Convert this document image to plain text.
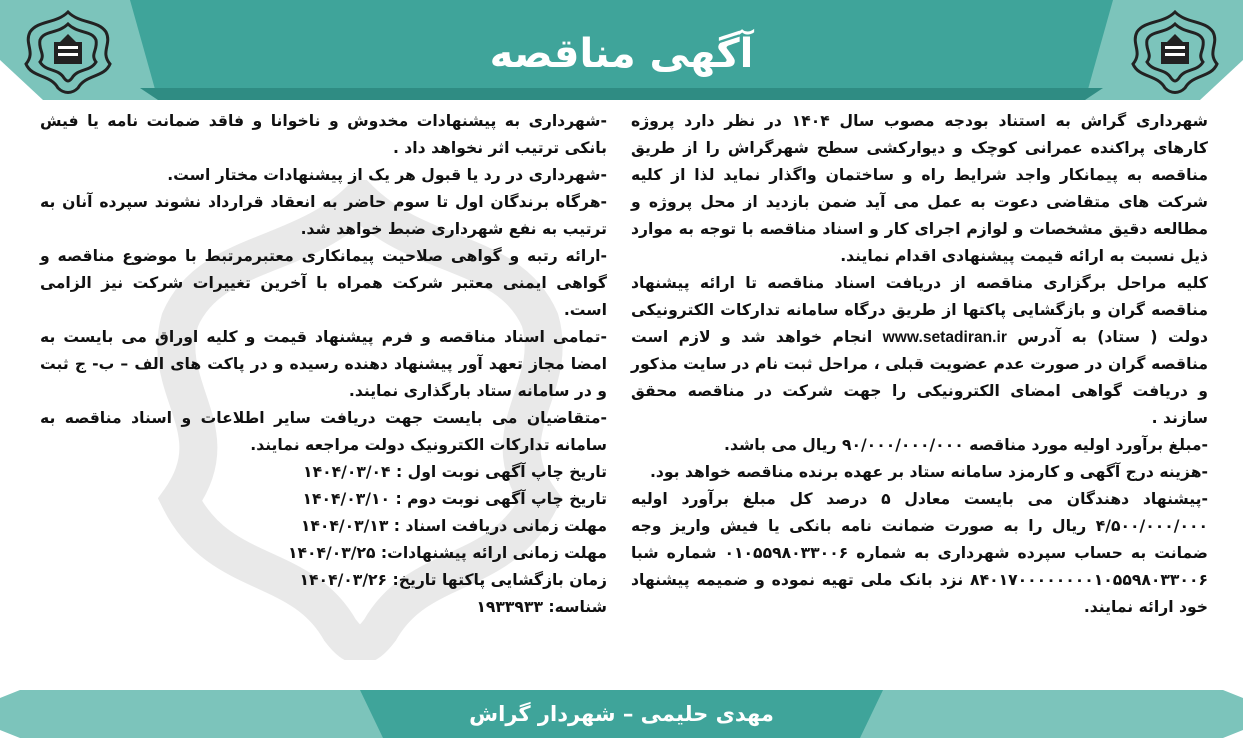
آگهی مناقصه

شهرداری گراش به استناد بودجه مصوب سال ۱۴۰۴ در نظر دارد پروژه کارهای پراکنده عمرانی کوچک و دیوارکشی سطح شهرگراش را از طریق مناقصه به پیمانکار واجد شرایط راه و ساختمان واگذار نماید لذا از کلیه شرکت های متقاضی دعوت به عمل می آید ضمن بازدید از محل پروژه و مطالعه دقیق مشخصات و لوازم اجرای کار و اسناد مناقصه با توجه به موارد ذیل نسبت به ارائه قیمت پیشنهادی اقدام نمایند.

کلیه مراحل برگزاری مناقصه از دریافت اسناد مناقصه تا ارائه پیشنهاد مناقصه گران و بازگشایی پاکتها از طریق درگاه سامانه تدارکات الکترونیکی دولت ( ستاد) به آدرس www.setadiran.ir انجام خواهد شد و لازم است مناقصه گران در صورت عدم عضویت قبلی ، مراحل ثبت نام در سایت مذکور و دریافت گواهی امضای الکترونیکی را جهت شرکت در مناقصه محقق سازند .

-مبلغ برآورد اولیه مورد مناقصه ۹۰/۰۰۰/۰۰۰/۰۰۰ ریال می باشد.

-هزینه درج آگهی و کارمزد سامانه ستاد بر عهده برنده مناقصه خواهد بود.

-پیشنهاد دهندگان می بایست معادل ۵ درصد کل مبلغ برآورد اولیه ۴/۵۰۰/۰۰۰/۰۰۰ ریال را به صورت ضمانت نامه بانکی یا فیش واریز وجه ضمانت به حساب سپرده شهرداری به شماره ۰۱۰۵۵۹۸۰۳۳۰۰۶ شماره شبا ۸۴۰۱۷۰۰۰۰۰۰۰۰۱۰۵۵۹۸۰۳۳۰۰۶ نزد بانک ملی تهیه نموده و ضمیمه پیشنهاد خود ارائه نمایند.

-شهرداری به پیشنهادات مخدوش و ناخوانا و فاقد ضمانت نامه یا فیش بانکی ترتیب اثر نخواهد داد .

-شهرداری در رد یا قبول هر یک از پیشنهادات مختار است.

-هرگاه برندگان اول تا سوم حاضر به انعقاد قرارداد نشوند سپرده آنان به ترتیب به نفع شهرداری ضبط خواهد شد.

-ارائه رتبه و گواهی صلاحیت پیمانکاری معتبرمرتبط با موضوع مناقصه و گواهی ایمنی معتبر شرکت همراه با آخرین تغییرات شرکت نیز الزامی است.

-تمامی اسناد مناقصه و فرم پیشنهاد قیمت و کلیه اوراق می بایست به امضا مجاز تعهد آور پیشنهاد دهنده رسیده و در پاکت های الف – ب- ج ثبت و در سامانه ستاد بارگذاری نمایند.

-متقاضیان می بایست جهت دریافت سایر اطلاعات و اسناد مناقصه به سامانه تدارکات الکترونیک دولت مراجعه نمایند.

تاریخ چاپ آگهی نوبت اول : ۱۴۰۴/۰۳/۰۴

تاریخ چاپ آگهی نوبت دوم : ۱۴۰۴/۰۳/۱۰

مهلت زمانی دریافت اسناد : ۱۴۰۴/۰۳/۱۳

مهلت زمانی ارائه پیشنهادات: ۱۴۰۴/۰۳/۲۵

زمان بازگشایی پاکتها تاریخ: ۱۴۰۴/۰۳/۲۶

شناسه: ۱۹۳۳۹۳۳

مهدی حلیمی – شهردار گراش
